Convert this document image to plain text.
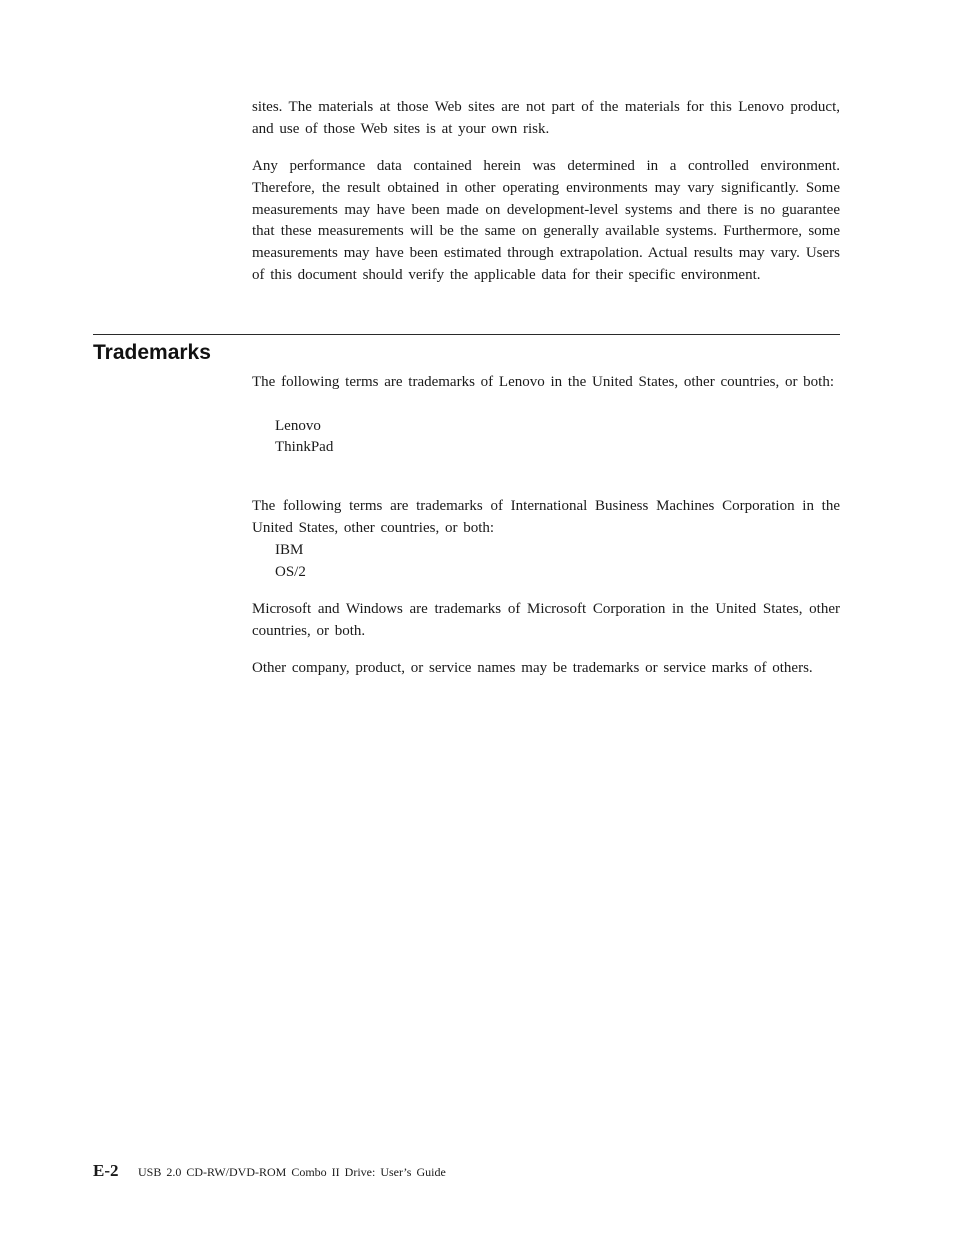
sites. The materials at those Web sites are not part of the materials for this Lenovo product, and use of those Web sites is at your own risk.

Any performance data contained herein was determined in a controlled environment. Therefore, the result obtained in other operating environments may vary significantly. Some measurements may have been made on development-level systems and there is no guarantee that these measurements will be the same on generally available systems. Furthermore, some measurements may have been estimated through extrapolation. Actual results may vary. Users of this document should verify the applicable data for their specific environment.

Trademarks

The following terms are trademarks of Lenovo in the United States, other countries, or both:

Lenovo
ThinkPad

The following terms are trademarks of International Business Machines Corporation in the United States, other countries, or both:

IBM
OS/2

Microsoft and Windows are trademarks of Microsoft Corporation in the United States, other countries, or both.

Other company, product, or service names may be trademarks or service marks of others.

E-2 USB 2.0 CD-RW/DVD-ROM Combo II Drive: User’s Guide
